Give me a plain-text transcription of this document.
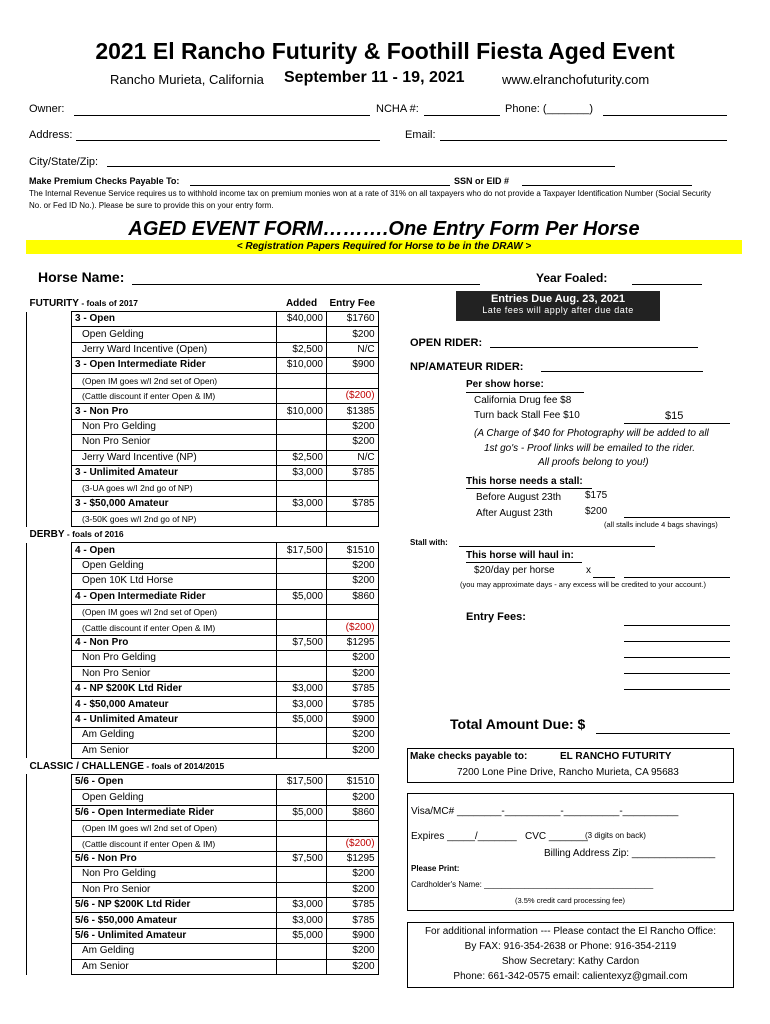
2021 El Rancho Futurity & Foothill Fiesta Aged Event
Rancho Murieta, California September 11 - 19, 2021	www.elranchofuturity.com
Owner:	NCHA #:	Phone: (_______)
Address:	Email:
City/State/Zip:
Make Premium Checks Payable To:	SSN or EID #
The Internal Revenue Service requires us to withhold income tax on premium monies won at a rate of 31% on all taxpayers who do not provide a Taxpayer Identification Number (Social Security
No. or Fed ID No.). Please be sure to provide this on your entry form.
AGED EVENT FORM……….One Entry Form Per Horse
< Registration Papers Required for Horse to be in the DRAW >
Horse Name:	Year Foaled:
FUTURITY - foals of 2017		Added	Entry Fee
	3 - Open	$40,000	$1760
	Open Gelding		$200
	Jerry Ward Incentive (Open)	$2,500	N/C
	3 - Open Intermediate Rider	$10,000	$900
	(Open IM goes w/I 2nd set of Open)		
	(Cattle discount if enter Open & IM)		($200)
	3 - Non Pro	$10,000	$1385
	Non Pro Gelding		$200
	Non Pro Senior		$200
	Jerry Ward Incentive (NP)	$2,500	N/C
	3 - Unlimited Amateur	$3,000	$785
	(3-UA goes w/I 2nd go of NP)		
	3 - $50,000 Amateur	$3,000	$785
	(3-50K goes w/I 2nd go of NP)		
DERBY - foals of 2016			
	4 - Open	$17,500	$1510
	Open Gelding		$200
	Open 10K Ltd Horse		$200
	4 - Open Intermediate Rider	$5,000	$860
	(Open IM goes w/I 2nd set of Open)		
	(Cattle discount if enter Open & IM)		($200)
	4 - Non Pro	$7,500	$1295
	Non Pro Gelding		$200
	Non Pro Senior		$200
	4 - NP $200K Ltd Rider	$3,000	$785
	4 - $50,000 Amateur	$3,000	$785
	4 - Unlimited Amateur	$5,000	$900
	Am Gelding		$200
	Am Senior		$200
CLASSIC / CHALLENGE - foals of 2014/2015			
	5/6 - Open	$17,500	$1510
	Open Gelding		$200
	5/6 - Open Intermediate Rider	$5,000	$860
	(Open IM goes w/I 2nd set of Open)		
	(Cattle discount if enter Open & IM)		($200)
	5/6 - Non Pro	$7,500	$1295
	Non Pro Gelding		$200
	Non Pro Senior		$200
	5/6 - NP $200K Ltd Rider	$3,000	$785
	5/6 - $50,000 Amateur	$3,000	$785
	5/6 - Unlimited Amateur	$5,000	$900
	Am Gelding		$200
	Am Senior		$200
Entries Due Aug. 23, 2021
Late fees will apply after due date
OPEN RIDER:
NP/AMATEUR RIDER:
Per show horse:
California Drug fee $8
Turn back Stall Fee $10	$15
(A Charge of $40 for Photography will be added to all
1st go's - Proof links will be emailed to the rider.
All proofs belong to you!)
This horse needs a stall:
Before August 23th $175
After August 23th	$200
(all stalls include 4 bags shavings)
Stall with:
This horse will haul in:
$20/day per horse	x
(you may approximate days - any excess will be credited to your account.)
Entry Fees:
Total Amount Due: $
Make checks payable to:	EL RANCHO FUTURITY
7200 Lone Pine Drive, Rancho Murieta, CA 95683
Visa/MC# ________-__________-__________-__________
Expires _____/_______ CVC _______
(3 digits on back)
Billing Address Zip: _______________
Please Print:
Cardholder's Name: ______________________________________
(3.5% credit card processing fee)
For additional information --- Please contact the El Rancho Office:
By FAX: 916-354-2638 or Phone: 916-354-2119
Show Secretary: Kathy Cardon
Phone: 661-342-0575 email: calientexyz@gmail.com
